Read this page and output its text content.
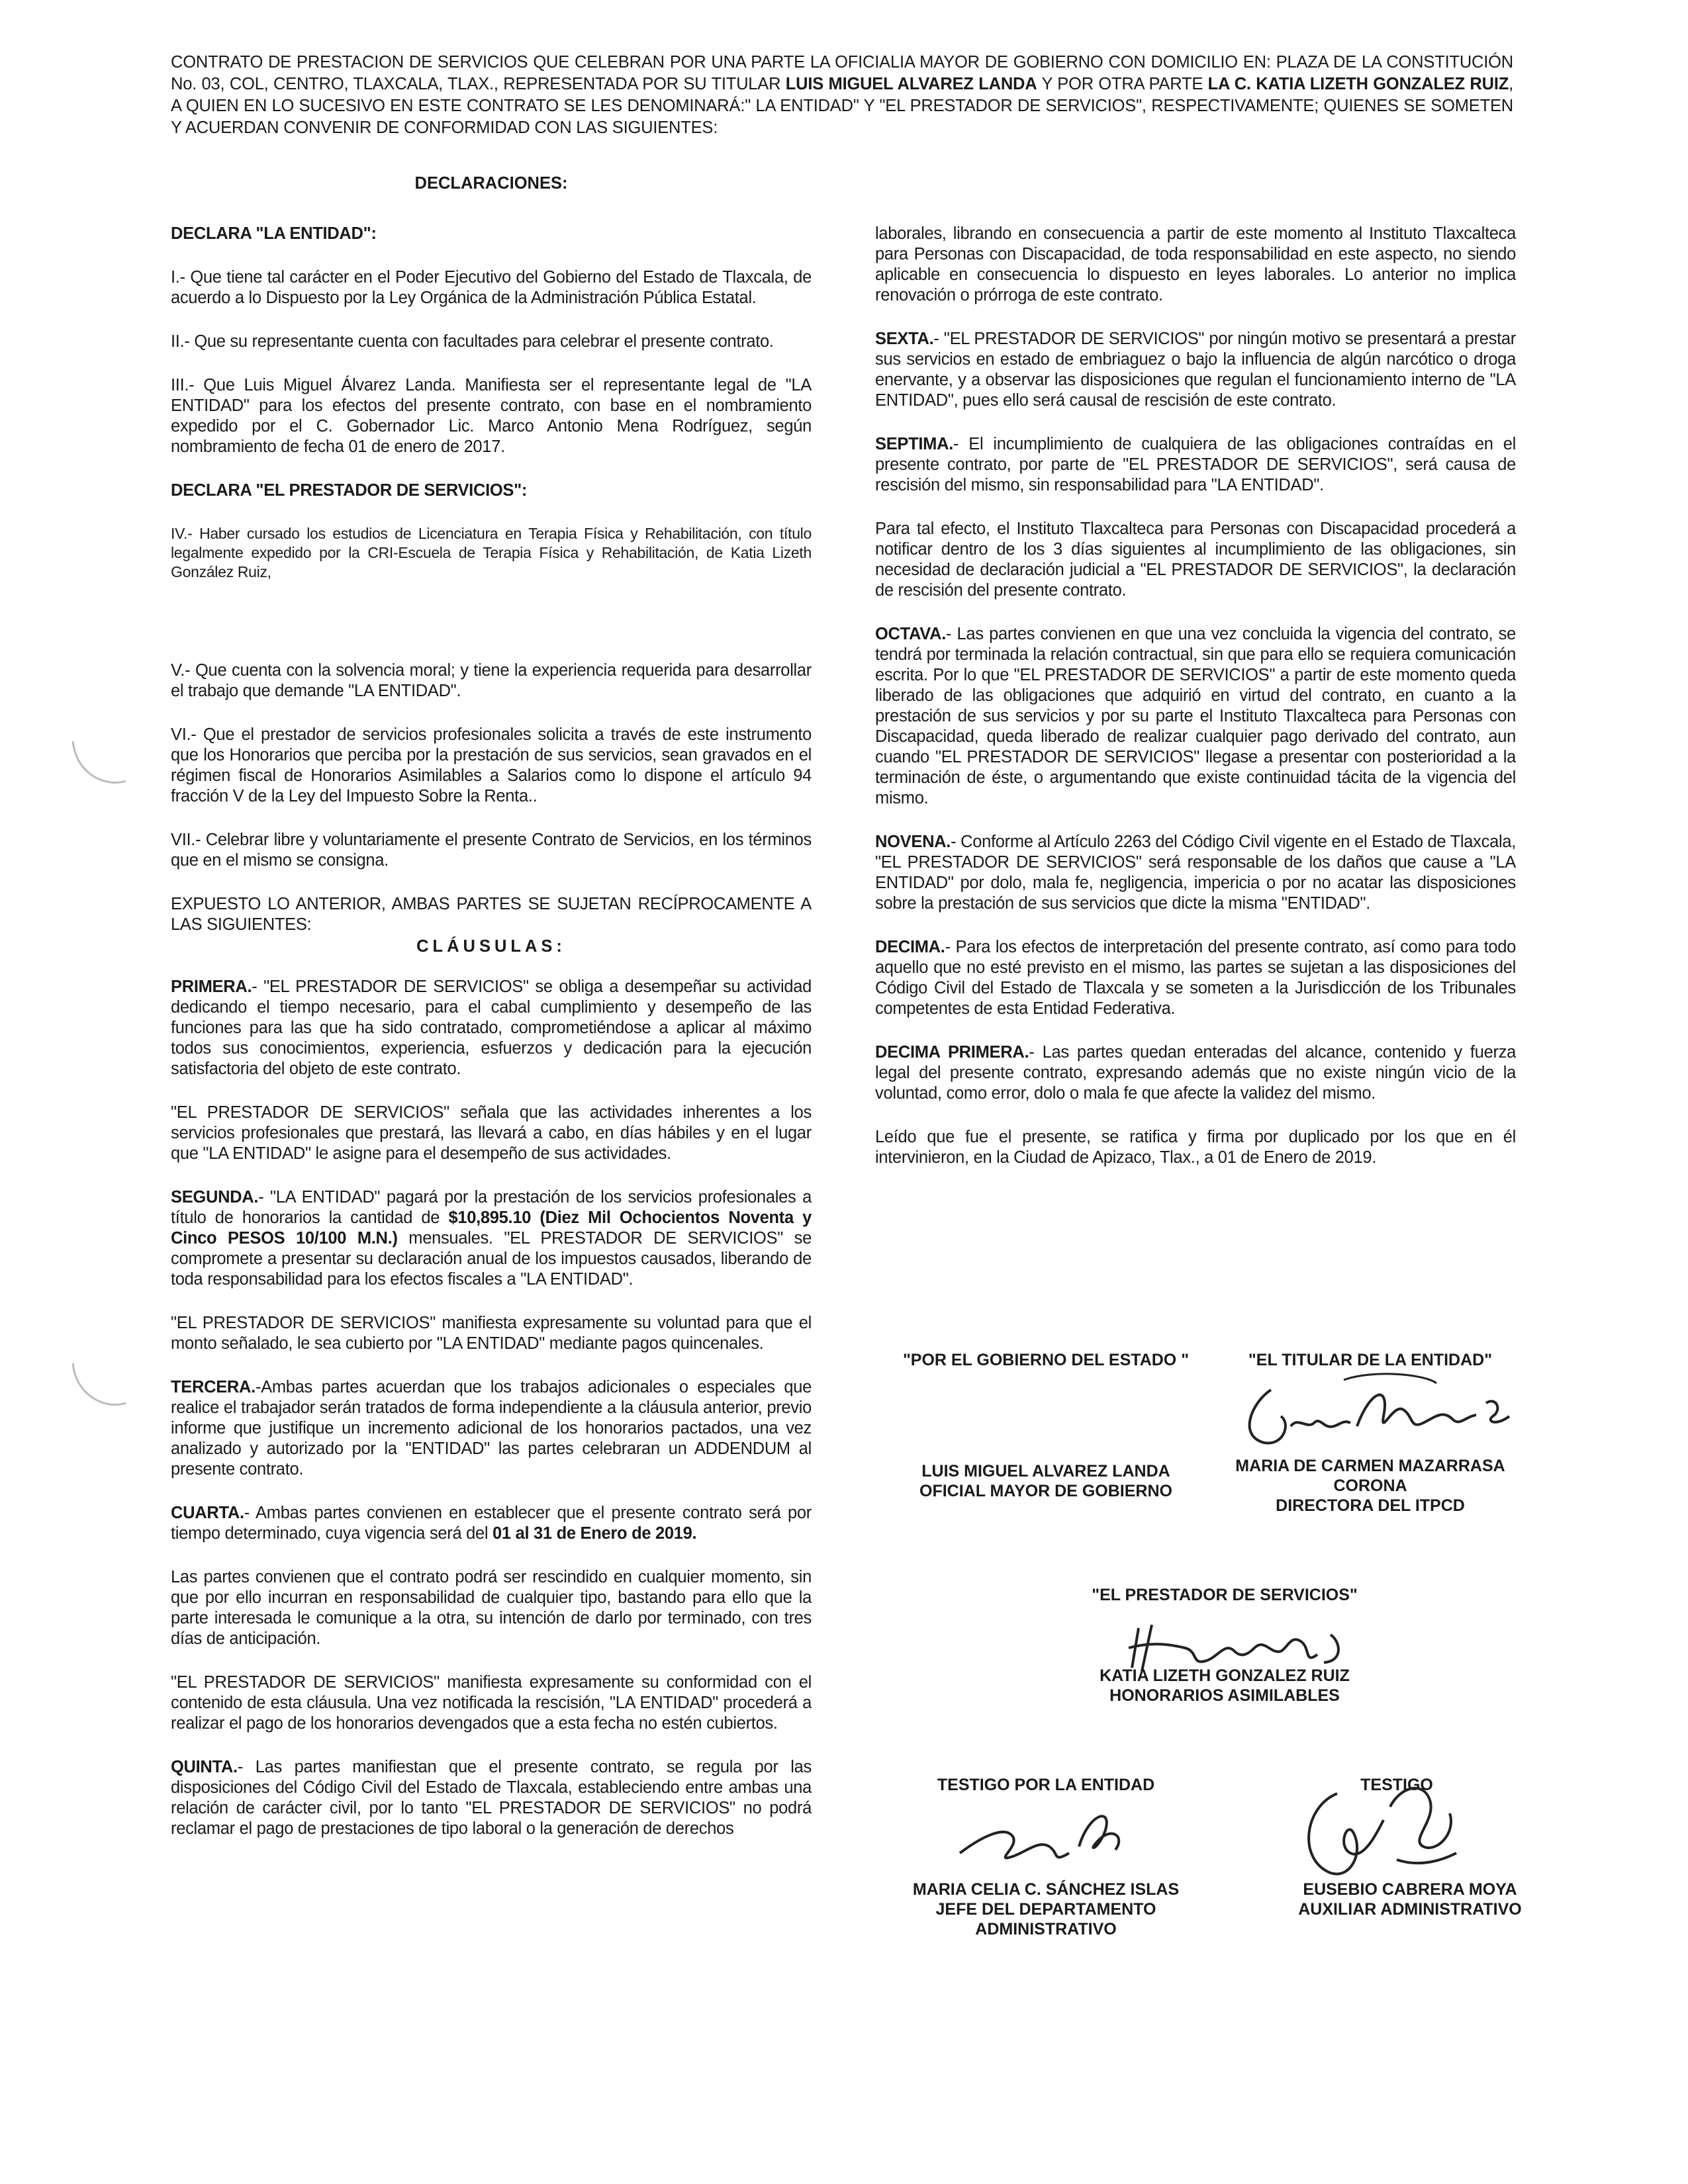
CONTRATO DE PRESTACION DE SERVICIOS QUE CELEBRAN POR UNA PARTE LA OFICIALIA MAYOR DE GOBIERNO CON DOMICILIO EN: PLAZA DE LA CONSTITUCIÓN No. 03, COL, CENTRO, TLAXCALA, TLAX., REPRESENTADA POR SU TITULAR LUIS MIGUEL ALVAREZ LANDA Y POR OTRA PARTE LA C. KATIA LIZETH GONZALEZ RUIZ, A QUIEN EN LO SUCESIVO EN ESTE CONTRATO SE LES DENOMINARÁ:" LA ENTIDAD" Y "EL PRESTADOR DE SERVICIOS", RESPECTIVAMENTE; QUIENES SE SOMETEN Y ACUERDAN CONVENIR DE CONFORMIDAD CON LAS SIGUIENTES:
DECLARACIONES:

DECLARA "LA ENTIDAD":

I.- Que tiene tal carácter en el Poder Ejecutivo del Gobierno del Estado de Tlaxcala, de acuerdo a lo Dispuesto por la Ley Orgánica de la Administración Pública Estatal.

II.- Que su representante cuenta con facultades para celebrar el presente contrato.

III.- Que Luis Miguel Álvarez Landa. Manifiesta ser el representante legal de "LA ENTIDAD" para los efectos del presente contrato, con base en el nombramiento expedido por el C. Gobernador Lic. Marco Antonio Mena Rodríguez, según nombramiento de fecha 01 de enero de 2017.

DECLARA "EL PRESTADOR DE SERVICIOS":

IV.- Haber cursado los estudios de Licenciatura en Terapia Física y Rehabilitación, con título legalmente expedido por la CRI-Escuela de Terapia Física y Rehabilitación, de Katia Lizeth González Ruiz,

V.- Que cuenta con la solvencia moral; y tiene la experiencia requerida para desarrollar el trabajo que demande "LA ENTIDAD".

VI.- Que el prestador de servicios profesionales solicita a través de este instrumento que los Honorarios que perciba por la prestación de sus servicios, sean gravados en el régimen fiscal de Honorarios Asimilables a Salarios como lo dispone el artículo 94 fracción V de la Ley del Impuesto Sobre la Renta..

VII.- Celebrar libre y voluntariamente el presente Contrato de Servicios, en los términos que en el mismo se consigna.

EXPUESTO LO ANTERIOR, AMBAS PARTES SE SUJETAN RECÍPROCAMENTE A LAS SIGUIENTES:

CLÁUSULAS:

PRIMERA.- "EL PRESTADOR DE SERVICIOS" se obliga a desempeñar su actividad dedicando el tiempo necesario, para el cabal cumplimiento y desempeño de las funciones para las que ha sido contratado, comprometiéndose a aplicar al máximo todos sus conocimientos, experiencia, esfuerzos y dedicación para la ejecución satisfactoria del objeto de este contrato.

"EL PRESTADOR DE SERVICIOS" señala que las actividades inherentes a los servicios profesionales que prestará, las llevará a cabo, en días hábiles y en el lugar que "LA ENTIDAD" le asigne para el desempeño de sus actividades.

SEGUNDA.- "LA ENTIDAD" pagará por la prestación de los servicios profesionales a título de honorarios la cantidad de $10,895.10 (Diez Mil Ochocientos Noventa y Cinco PESOS 10/100 M.N.) mensuales. "EL PRESTADOR DE SERVICIOS" se compromete a presentar su declaración anual de los impuestos causados, liberando de toda responsabilidad para los efectos fiscales a "LA ENTIDAD".

"EL PRESTADOR DE SERVICIOS" manifiesta expresamente su voluntad para que el monto señalado, le sea cubierto por "LA ENTIDAD" mediante pagos quincenales.

TERCERA.-Ambas partes acuerdan que los trabajos adicionales o especiales que realice el trabajador serán tratados de forma independiente a la cláusula anterior, previo informe que justifique un incremento adicional de los honorarios pactados, una vez analizado y autorizado por la "ENTIDAD" las partes celebraran un ADDENDUM al presente contrato.

CUARTA.- Ambas partes convienen en establecer que el presente contrato será por tiempo determinado, cuya vigencia será del 01 al 31 de Enero de 2019.

Las partes convienen que el contrato podrá ser rescindido en cualquier momento, sin que por ello incurran en responsabilidad de cualquier tipo, bastando para ello que la parte interesada le comunique a la otra, su intención de darlo por terminado, con tres días de anticipación.

"EL PRESTADOR DE SERVICIOS" manifiesta expresamente su conformidad con el contenido de esta cláusula. Una vez notificada la rescisión, "LA ENTIDAD" procederá a realizar el pago de los honorarios devengados que a esta fecha no estén cubiertos.

QUINTA.- Las partes manifiestan que el presente contrato, se regula por las disposiciones del Código Civil del Estado de Tlaxcala, estableciendo entre ambas una relación de carácter civil, por lo tanto "EL PRESTADOR DE SERVICIOS" no podrá reclamar el pago de prestaciones de tipo laboral o la generación de derechos

laborales, librando en consecuencia a partir de este momento al Instituto Tlaxcalteca para Personas con Discapacidad, de toda responsabilidad en este aspecto, no siendo aplicable en consecuencia lo dispuesto en leyes laborales. Lo anterior no implica renovación o prórroga de este contrato.

SEXTA.- "EL PRESTADOR DE SERVICIOS" por ningún motivo se presentará a prestar sus servicios en estado de embriaguez o bajo la influencia de algún narcótico o droga enervante, y a observar las disposiciones que regulan el funcionamiento interno de "LA ENTIDAD", pues ello será causal de rescisión de este contrato.

SEPTIMA.- El incumplimiento de cualquiera de las obligaciones contraídas en el presente contrato, por parte de "EL PRESTADOR DE SERVICIOS", será causa de rescisión del mismo, sin responsabilidad para "LA ENTIDAD".

Para tal efecto, el Instituto Tlaxcalteca para Personas con Discapacidad procederá a notificar dentro de los 3 días siguientes al incumplimiento de las obligaciones, sin necesidad de declaración judicial a "EL PRESTADOR DE SERVICIOS", la declaración de rescisión del presente contrato.

OCTAVA.- Las partes convienen en que una vez concluida la vigencia del contrato, se tendrá por terminada la relación contractual, sin que para ello se requiera comunicación escrita. Por lo que "EL PRESTADOR DE SERVICIOS" a partir de este momento queda liberado de las obligaciones que adquirió en virtud del contrato, en cuanto a la prestación de sus servicios y por su parte el Instituto Tlaxcalteca para Personas con Discapacidad, queda liberado de realizar cualquier pago derivado del contrato, aun cuando "EL PRESTADOR DE SERVICIOS" llegase a presentar con posterioridad a la terminación de éste, o argumentando que existe continuidad tácita de la vigencia del mismo.

NOVENA.- Conforme al Artículo 2263 del Código Civil vigente en el Estado de Tlaxcala, "EL PRESTADOR DE SERVICIOS" será responsable de los daños que cause a "LA ENTIDAD" por dolo, mala fe, negligencia, impericia o por no acatar las disposiciones sobre la prestación de sus servicios que dicte la misma "ENTIDAD".

DECIMA.- Para los efectos de interpretación del presente contrato, así como para todo aquello que no esté previsto en el mismo, las partes se sujetan a las disposiciones del Código Civil del Estado de Tlaxcala y se someten a la Jurisdicción de los Tribunales competentes de esta Entidad Federativa.

DECIMA PRIMERA.- Las partes quedan enteradas del alcance, contenido y fuerza legal del presente contrato, expresando además que no existe ningún vicio de la voluntad, como error, dolo o mala fe que afecte la validez del mismo.

Leído que fue el presente, se ratifica y firma por duplicado por los que en él intervinieron, en la Ciudad de Apizaco, Tlax., a 01 de Enero de 2019.

"POR EL GOBIERNO DEL ESTADO "	"EL TITULAR DE LA ENTIDAD"
LUIS MIGUEL ALVAREZ LANDA
OFICIAL MAYOR DE GOBIERNO
MARIA DE CARMEN MAZARRASA
CORONA
DIRECTORA DEL ITPCD
"EL PRESTADOR DE SERVICIOS"
KATIA LIZETH GONZALEZ RUIZ
HONORARIOS ASIMILABLES
TESTIGO POR LA ENTIDAD
MARIA CELIA C. SÁNCHEZ ISLAS
JEFE DEL DEPARTAMENTO
ADMINISTRATIVO
TESTIGO
EUSEBIO CABRERA MOYA
AUXILIAR ADMINISTRATIVO
